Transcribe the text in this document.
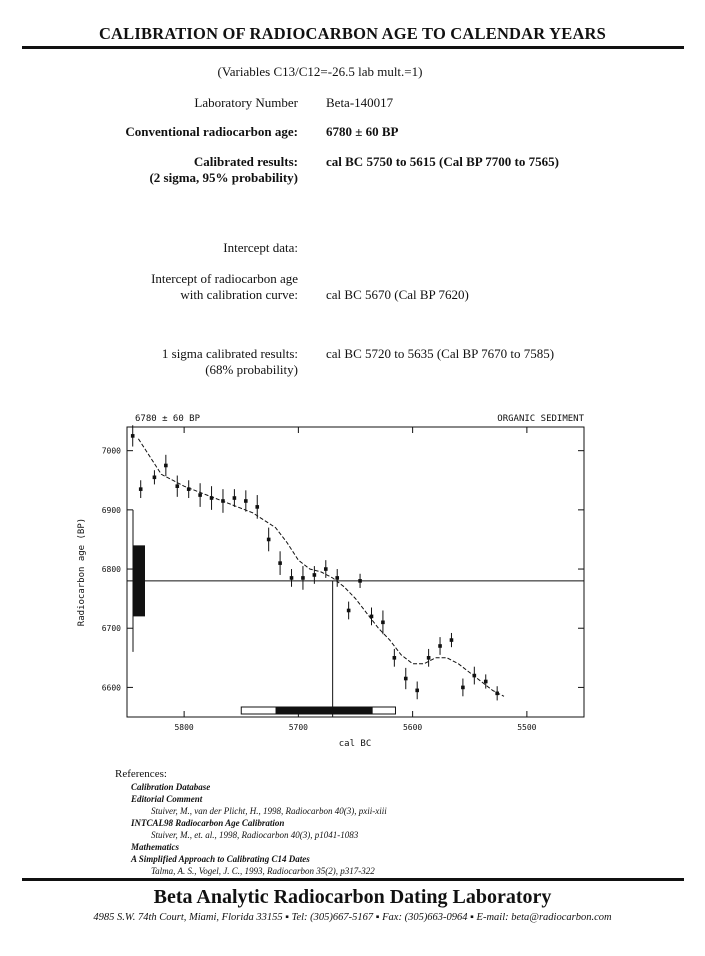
CALIBRATION OF RADIOCARBON AGE TO CALENDAR YEARS
(Variables C13/C12=-26.5 lab mult.=1)
Laboratory Number Beta-140017
Conventional radiocarbon age: 6780 ± 60 BP
Calibrated results:
(2 sigma, 95% probability)
cal BC 5750 to 5615 (Cal BP 7700 to 7565)
Intercept data:
Intercept of radiocarbon age
with calibration curve: cal BC 5670 (Cal BP 7620)
1 sigma calibrated results:
(68% probability)
cal BC 5720 to 5635 (Cal BP 7670 to 7585)
6780 ± 60 BP	ORGANIC SEDIMENT
cal BC
Radiocarbon age (BP)
5800	5700	5600	5500
7000
6900
6800
6700
6600
References:
Calibration Database
Editorial Comment
Stuiver, M., van der Plicht, H., 1998, Radiocarbon 40(3), pxii-xiii
INTCAL98 Radiocarbon Age Calibration
Stuiver, M., et. al., 1998, Radiocarbon 40(3), p1041-1083
Mathematics
A Simplified Approach to Calibrating C14 Dates
Talma, A. S., Vogel, J. C., 1993, Radiocarbon 35(2), p317-322
Beta Analytic Radiocarbon Dating Laboratory
4985 S.W. 74th Court, Miami, Florida 33155 ▪ Tel: (305)667-5167 ▪ Fax: (305)663-0964 ▪ E-mail: beta@radiocarbon.com
